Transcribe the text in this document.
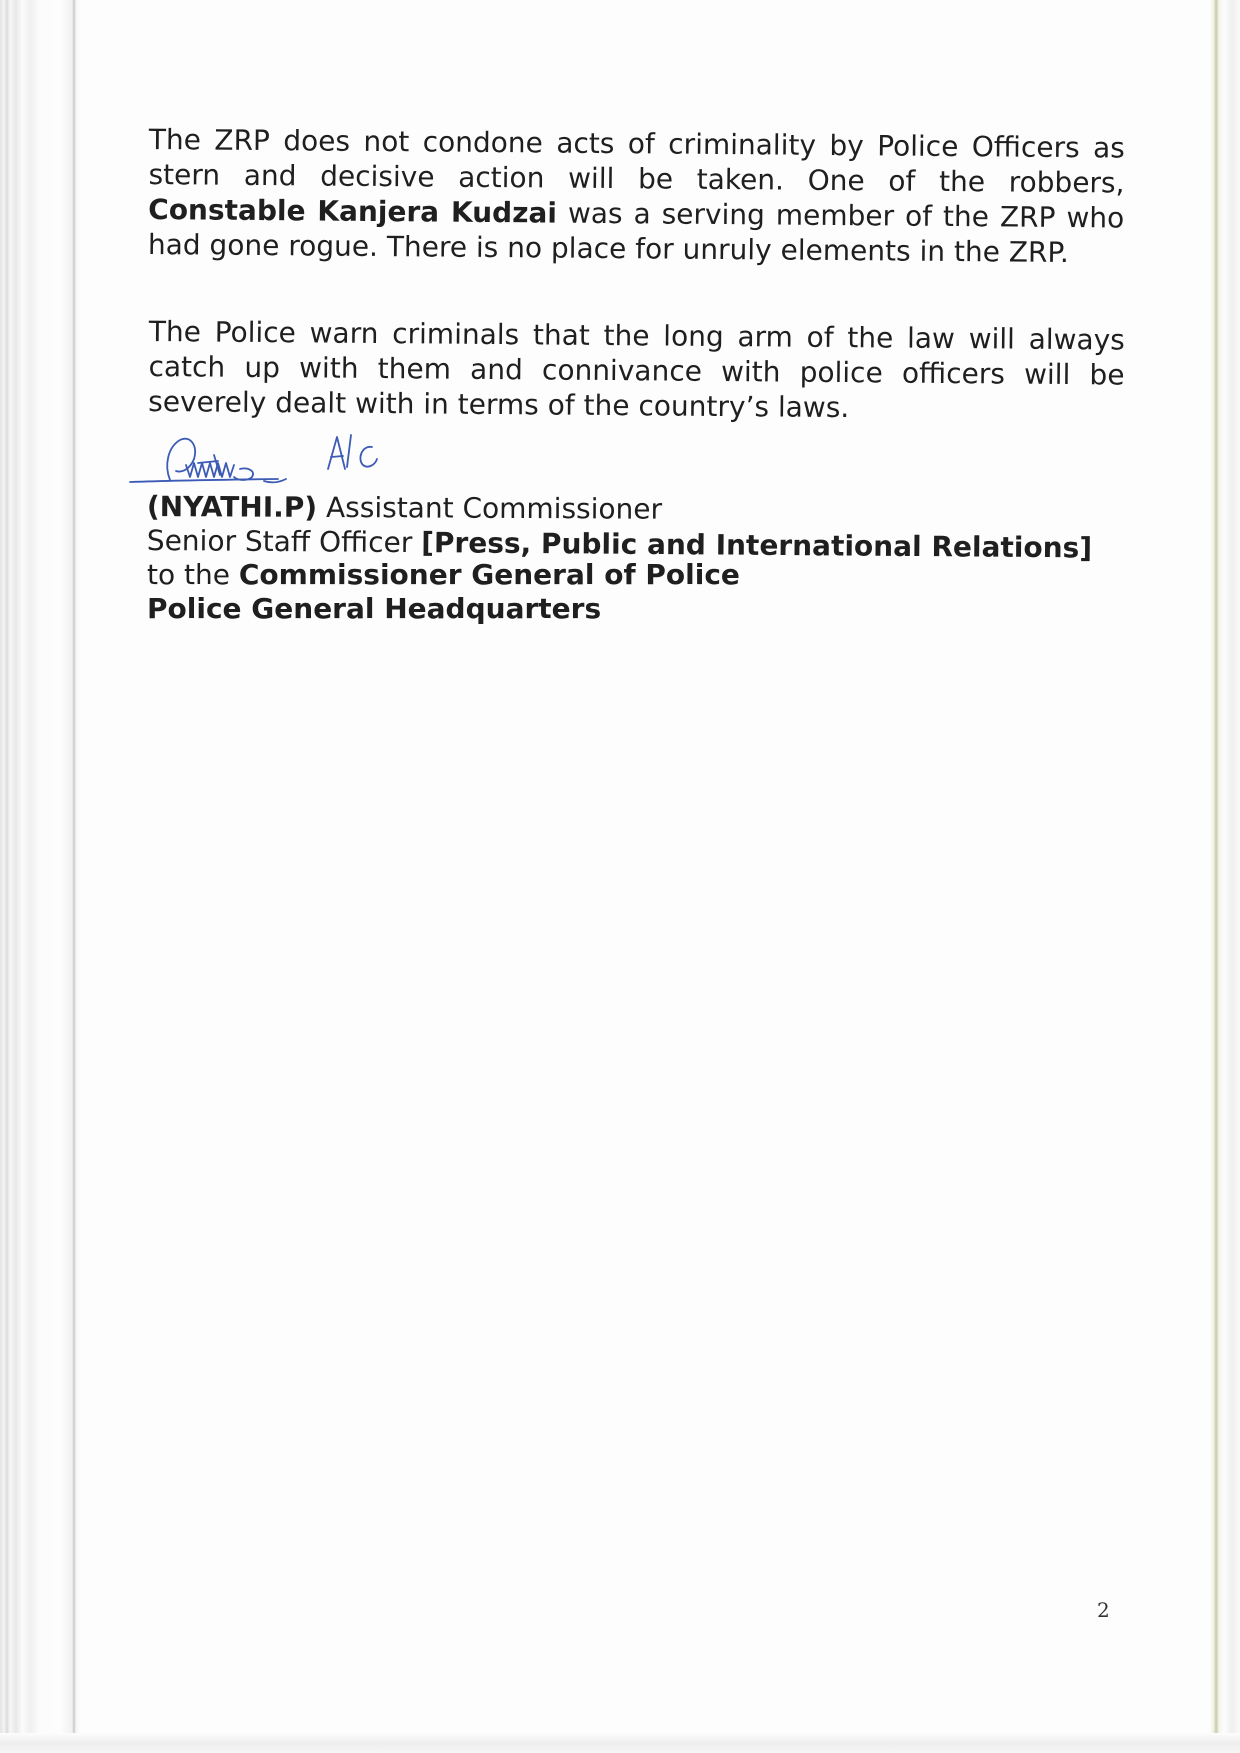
The ZRP does not condone acts of criminality by Police Officers as stern and decisive action will be taken. One of the robbers, Constable Kanjera Kudzai was a serving member of the ZRP who had gone rogue. There is no place for unruly elements in the ZRP.

The Police warn criminals that the long arm of the law will always catch up with them and connivance with police officers will be severely dealt with in terms of the country’s laws.

(NYATHI.P) Assistant Commissioner
Senior Staff Officer [Press, Public and International Relations]
to the Commissioner General of Police
Police General Headquarters
2
